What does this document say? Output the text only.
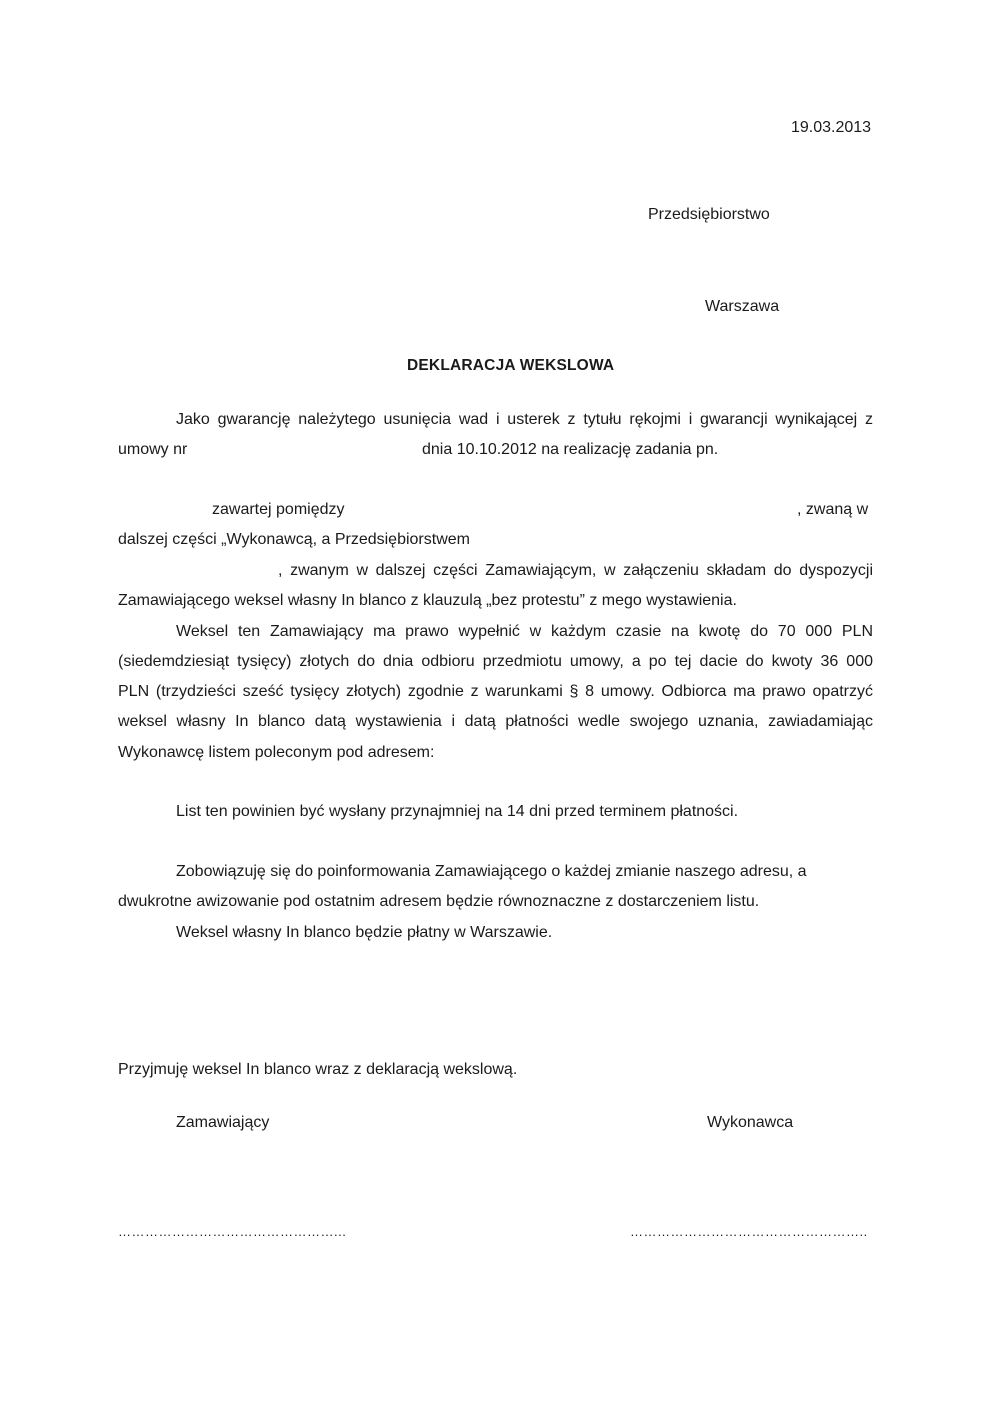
19.03.2013
Przedsiębiorstwo
Warszawa
DEKLARACJA WEKSLOWA
Jako gwarancję należytego usunięcia wad i usterek z tytułu rękojmi i gwarancji wynikającej z
umowy nr	dnia 10.10.2012 na realizację zadania pn.
zawartej pomiędzy	, zwaną w
dalszej części „Wykonawcą, a Przedsiębiorstwem
, zwanym w dalszej części Zamawiającym, w załączeniu składam do dyspozycji
Zamawiającego weksel własny In blanco z klauzulą „bez protestu” z mego wystawienia.
Weksel ten Zamawiający ma prawo wypełnić w każdym czasie na kwotę do 70 000 PLN
(siedemdziesiąt tysięcy) złotych do dnia odbioru przedmiotu umowy, a po tej dacie do kwoty 36 000
PLN (trzydzieści sześć tysięcy złotych) zgodnie z warunkami § 8 umowy. Odbiorca ma prawo opatrzyć
weksel własny In blanco datą wystawienia i datą płatności wedle swojego uznania, zawiadamiając
Wykonawcę listem poleconym pod adresem:
List ten powinien być wysłany przynajmniej na 14 dni przed terminem płatności.
Zobowiązuję się do poinformowania Zamawiającego o każdej zmianie naszego adresu, a
dwukrotne awizowanie pod ostatnim adresem będzie równoznaczne z dostarczeniem listu.
Weksel własny In blanco będzie płatny w Warszawie.
Przyjmuję weksel In blanco wraz z deklaracją wekslową.
Zamawiający	Wykonawca
…………………………………………...	……………………………………………..
